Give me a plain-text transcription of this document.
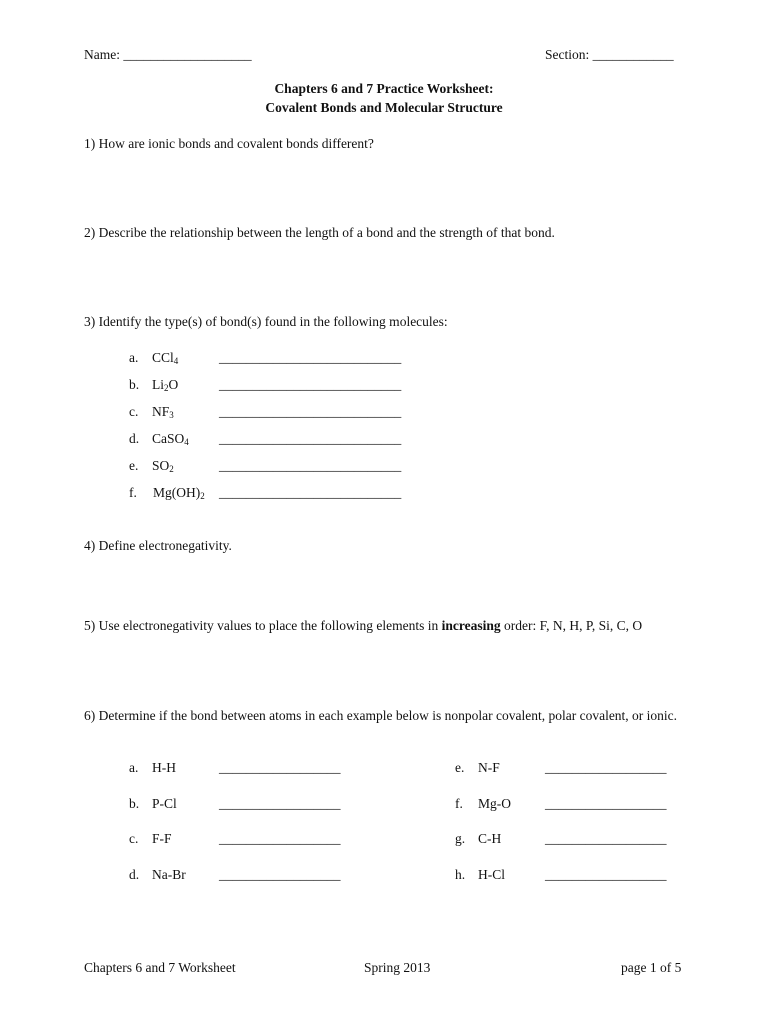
Name: ___________________	Section: ____________
Chapters 6 and 7 Practice Worksheet:
Covalent Bonds and Molecular Structure
1) How are ionic bonds and covalent bonds different?
2) Describe the relationship between the length of a bond and the strength of that bond.
3) Identify the type(s) of bond(s) found in the following molecules:
a. CCl$_4$	___________________________
b. $Li_2O$	___________________________
c. $NF_3$	___________________________
d. CaSO$_4$ ___________________________
e. $SO_2$	___________________________
f. $Mg(OH)_2$ ___________________________
4) Define electronegativity.
5) Use electronegativity values to place the following elements in increasing order: F, N, H, P, Si, C, O
6) Determine if the bond between atoms in each example below is nonpolar covalent, polar covalent, or ionic.
a. H-H	__________________
b. P-Cl	__________________
c. F-F	__________________
d. Na-Br __________________
e. N-F	__________________
f. Mg-O	__________________
g. C-H	__________________
h. H-Cl	__________________
Chapters 6 and 7 Worksheet	Spring 2013	page 1 of 5
